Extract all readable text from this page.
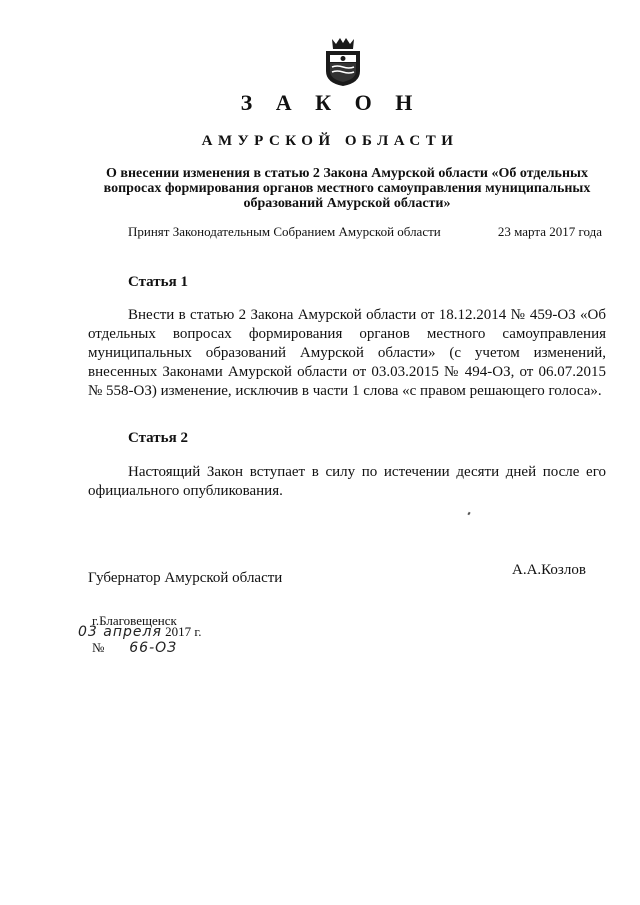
З А К О Н
АМУРСКОЙ ОБЛАСТИ
О внесении изменения в статью 2 Закона Амурской области «Об отдельных вопросах формирования органов местного самоуправления муниципальных образований Амурской области»
Принят Законодательным Собранием Амурской области	23 марта 2017 года
Статья 1
Внести в статью 2 Закона Амурской области от 18.12.2014 № 459-ОЗ «Об отдельных вопросах формирования органов местного самоуправления муниципальных образований Амурской области» (с учетом изменений, внесенных Законами Амурской области от 03.03.2015 № 494-ОЗ, от 06.07.2015 № 558-ОЗ) изменение, исключив в части 1 слова «с правом решающего голоса».
Статья 2
Настоящий Закон вступает в силу по истечении десяти дней после его официального опубликования.
Губернатор Амурской области	А.А.Козлов
г.Благовещенск
03 апреля 2017 г.
№ 66-ОЗ
